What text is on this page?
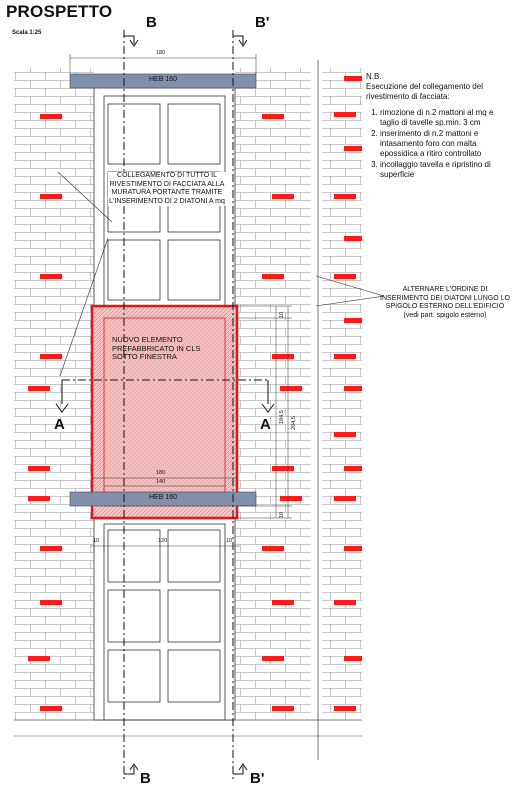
PROSPETTO
Scala 1:25
B	B'
B	B'
A	A
HEB 160
HEB 160
COLLEGAMENTO DI TUTTO IL RIVESTIMENTO DI FACCIATA ALLA MURATURA PORTANTE TRAMITE L'INSERIMENTO DI 2 DIATONI A mq
NUOVO ELEMENTO PREFABBRICATO IN CLS SOTTO FINESTRA
ALTERNARE L'ORDINE DI INSERIMENTO DEI DIATONI LUNGO LO SPIGOLO ESTERNO DELL'EDIFICIO
(vedi part. spigolo esterno)
N.B.
Esecuzione del collegamento del rivestimento di facciata:
1. rimozione di n.2 mattoni al mq e taglio di tavelle sp.min. 3 cm
2. inserimento di n.2 mattoni e intasamento foro con malta epossidica a ritiro controllato
3. incollaggio tavella e ripristino di superficie
180
180
140
10	120	10
10
184,5 204,5
10
